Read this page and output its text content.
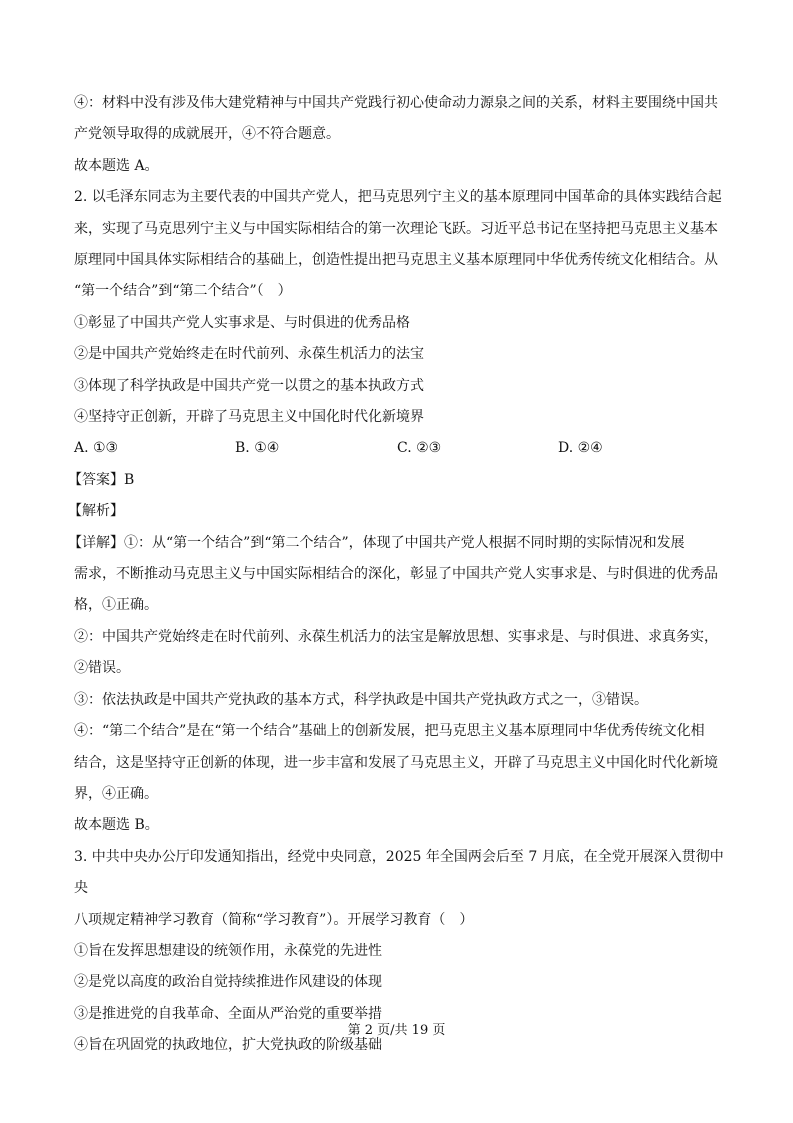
④：材料中没有涉及伟大建党精神与中国共产党践行初心使命动力源泉之间的关系，材料主要围绕中国共

产党领导取得的成就展开，④不符合题意。

故本题选 A。

2. 以毛泽东同志为主要代表的中国共产党人，把马克思列宁主义的基本原理同中国革命的具体实践结合起

来，实现了马克思列宁主义与中国实际相结合的第一次理论飞跃。习近平总书记在坚持把马克思主义基本

原理同中国具体实际相结合的基础上，创造性提出把马克思主义基本原理同中华优秀传统文化相结合。从

“第一个结合”到“第二个结合”（　）

①彰显了中国共产党人实事求是、与时俱进的优秀品格

②是中国共产党始终走在时代前列、永葆生机活力的法宝

③体现了科学执政是中国共产党一以贯之的基本执政方式

④坚持守正创新，开辟了马克思主义中国化时代化新境界

A. ①③	B. ①④	C. ②③	D. ②④

【答案】B

【解析】

【详解】①：从“第一个结合”到“第二个结合”，体现了中国共产党人根据不同时期的实际情况和发展

需求，不断推动马克思主义与中国实际相结合的深化，彰显了中国共产党人实事求是、与时俱进的优秀品

格，①正确。

②：中国共产党始终走在时代前列、永葆生机活力的法宝是解放思想、实事求是、与时俱进、求真务实，

②错误。

③：依法执政是中国共产党执政的基本方式，科学执政是中国共产党执政方式之一，③错误。

④：“第二个结合”是在“第一个结合”基础上的创新发展，把马克思主义基本原理同中华优秀传统文化相

结合，这是坚持守正创新的体现，进一步丰富和发展了马克思主义，开辟了马克思主义中国化时代化新境

界，④正确。

故本题选 B。

3. 中共中央办公厅印发通知指出，经党中央同意，2025 年全国两会后至 7 月底，在全党开展深入贯彻中央

八项规定精神学习教育（简称“学习教育”）。开展学习教育（　）

①旨在发挥思想建设的统领作用，永葆党的先进性

②是党以高度的政治自觉持续推进作风建设的体现

③是推进党的自我革命、全面从严治党的重要举措

④旨在巩固党的执政地位，扩大党执政的阶级基础

第 2 页/共 19 页
